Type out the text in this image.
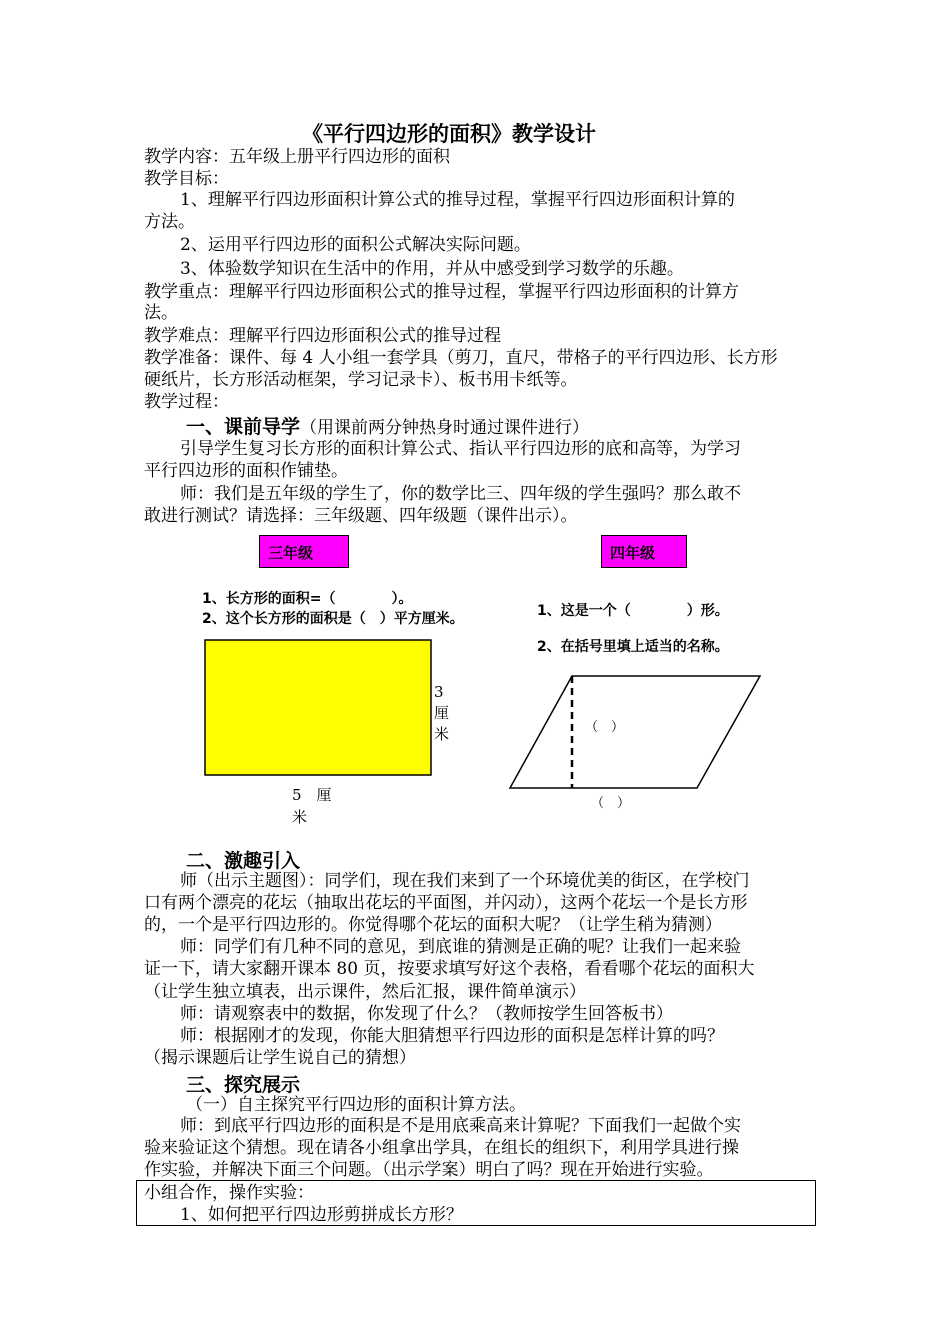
《平行四边形的面积》教学设计
教学内容：五年级上册平行四边形的面积
教学目标：
1、理解平行四边形面积计算公式的推导过程，掌握平行四边形面积计算的
方法。
2、运用平行四边形的面积公式解决实际问题。
3、体验数学知识在生活中的作用，并从中感受到学习数学的乐趣。
教学重点：理解平行四边形面积公式的推导过程，掌握平行四边形面积的计算方
法。
教学难点：理解平行四边形面积公式的推导过程
教学准备：课件、每 4 人小组一套学具（剪刀，直尺，带格子的平行四边形、长方形
硬纸片，长方形活动框架，学习记录卡）、板书用卡纸等。
教学过程：
一、课前导学（用课前两分钟热身时通过课件进行）
引导学生复习长方形的面积计算公式、指认平行四边形的底和高等，为学习
平行四边形的面积作铺垫。
师：我们是五年级的学生了，你的数学比三、四年级的学生强吗？那么敢不
敢进行测试？请选择：三年级题、四年级题（课件出示）。
三年级	四年级
1、长方形的面积=（　　　　）。
2、这个长方形的面积是（　）平方厘米。	1、这是一个（　　　　）形。
2、在括号里填上适当的名称。
3
厘
米
5　厘
米
（　）
（　）
二、激趣引入
师（出示主题图）：同学们，现在我们来到了一个环境优美的街区，在学校门
口有两个漂亮的花坛（抽取出花坛的平面图，并闪动），这两个花坛一个是长方形
的，一个是平行四边形的。你觉得哪个花坛的面积大呢？（让学生稍为猜测）
师：同学们有几种不同的意见，到底谁的猜测是正确的呢？让我们一起来验
证一下，请大家翻开课本 80 页，按要求填写好这个表格，看看哪个花坛的面积大
（让学生独立填表，出示课件，然后汇报，课件简单演示）
师：请观察表中的数据，你发现了什么？（教师按学生回答板书）
师：根据刚才的发现，你能大胆猜想平行四边形的面积是怎样计算的吗？
（揭示课题后让学生说自己的猜想）
三、探究展示
（一）自主探究平行四边形的面积计算方法。
师：到底平行四边形的面积是不是用底乘高来计算呢？下面我们一起做个实
验来验证这个猜想。现在请各小组拿出学具，在组长的组织下，利用学具进行操
作实验，并解决下面三个问题。（出示学案）明白了吗？现在开始进行实验。
小组合作，操作实验：
1、如何把平行四边形剪拼成长方形？
